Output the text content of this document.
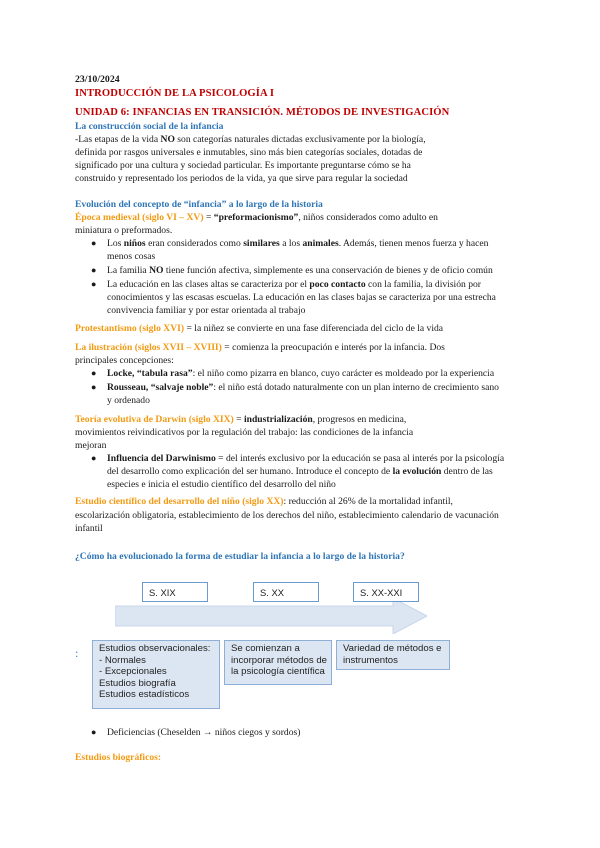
23/10/2024
INTRODUCCIÓN DE LA PSICOLOGÍA I
UNIDAD 6: INFANCIAS EN TRANSICIÓN. MÉTODOS DE INVESTIGACIÓN
La construcción social de la infancia
-Las etapas de la vida NO son categorías naturales dictadas exclusivamente por la biología,
definida por rasgos universales e inmutables, sino más bien categorías sociales, dotadas de
significado por una cultura y sociedad particular. Es importante preguntarse cómo se ha
construido y representado los periodos de la vida, ya que sirve para regular la sociedad
Evolución del concepto de “infancia” a lo largo de la historia
Época medieval (siglo VI – XV) = “preformacionismo”, niños considerados como adulto en
miniatura o preformados.
● Los niños eran considerados como similares a los animales. Además, tienen menos fuerza y hacen
menos cosas
● La familia NO tiene función afectiva, simplemente es una conservación de bienes y de oficio común
● La educación en las clases altas se caracteriza por el poco contacto con la familia, la división por
conocimientos y las escasas escuelas. La educación en las clases bajas se caracteriza por una estrecha
convivencia familiar y por estar orientada al trabajo
Protestantismo (siglo XVI) = la niñez se convierte en una fase diferenciada del ciclo de la vida
La ilustración (siglos XVII – XVIII) = comienza la preocupación e interés por la infancia. Dos
principales concepciones:
● Locke, “tabula rasa”: el niño como pizarra en blanco, cuyo carácter es moldeado por la experiencia
● Rousseau, “salvaje noble”: el niño está dotado naturalmente con un plan interno de crecimiento sano
y ordenado
Teoría evolutiva de Darwin (siglo XIX) = industrialización, progresos en medicina,
movimientos reivindicativos por la regulación del trabajo: las condiciones de la infancia
mejoran
● Influencia del Darwinismo = del interés exclusivo por la educación se pasa al interés por la psicología
del desarrollo como explicación del ser humano. Introduce el concepto de la evolución dentro de las
especies e inicia el estudio científico del desarrollo del niño
Estudio científico del desarrollo del niño (siglo XX): reducción al 26% de la mortalidad infantil,
escolarización obligatoria, establecimiento de los derechos del niño, establecimiento calendario de vacunación
infantil
¿Cómo ha evolucionado la forma de estudiar la infancia a lo largo de la historia?
S. XIX	S. XX	S. XX-XXI
: Estudios observacionales:
- Normales
- Excepcionales
Estudios biografía
Estudios estadísticos
Se comienzan a
incorporar métodos de
la psicología científica
Variedad de métodos e
instrumentos
● Deficiencias (Cheselden → niños ciegos y sordos)
Estudios biográficos:
